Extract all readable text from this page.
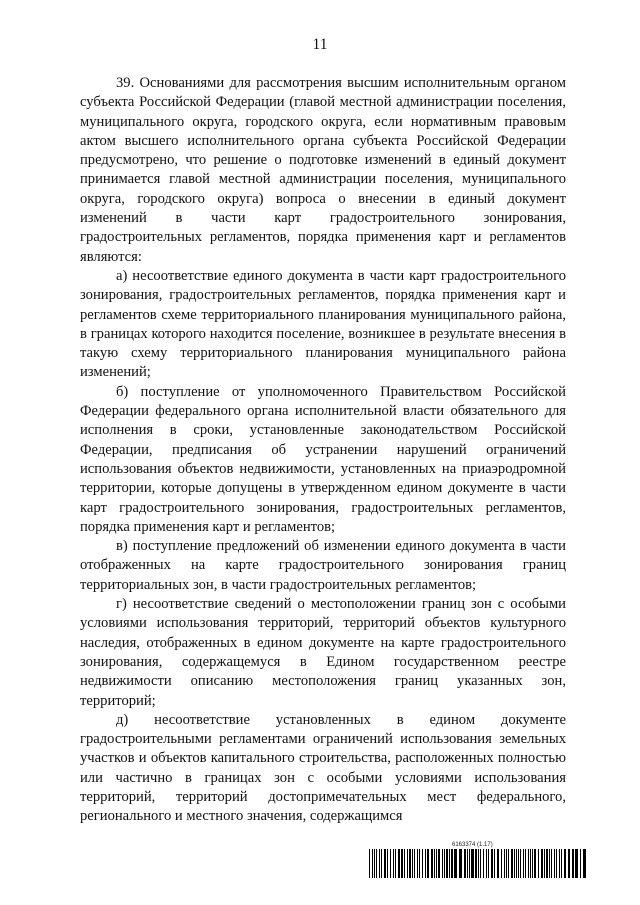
11

39. Основаниями для рассмотрения высшим исполнительным органом субъекта Российской Федерации (главой местной администрации поселения, муниципального округа, городского округа, если нормативным правовым актом высшего исполнительного органа субъекта Российской Федерации предусмотрено, что решение о подготовке изменений в единый документ принимается главой местной администрации поселения, муниципального округа, городского округа) вопроса о внесении в единый документ изменений в части карт градостроительного зонирования, градостроительных регламентов, порядка применения карт и регламентов являются:

а) несоответствие единого документа в части карт градостроительного зонирования, градостроительных регламентов, порядка применения карт и регламентов схеме территориального планирования муниципального района, в границах которого находится поселение, возникшее в результате внесения в такую схему территориального планирования муниципального района изменений;

б) поступление от уполномоченного Правительством Российской Федерации федерального органа исполнительной власти обязательного для исполнения в сроки, установленные законодательством Российской Федерации, предписания об устранении нарушений ограничений использования объектов недвижимости, установленных на приаэродромной территории, которые допущены в утвержденном едином документе в части карт градостроительного зонирования, градостроительных регламентов, порядка применения карт и регламентов;

в) поступление предложений об изменении единого документа в части отображенных на карте градостроительного зонирования границ территориальных зон, в части градостроительных регламентов;

г) несоответствие сведений о местоположении границ зон с особыми условиями использования территорий, территорий объектов культурного наследия, отображенных в едином документе на карте градостроительного зонирования, содержащемуся в Едином государственном реестре недвижимости описанию местоположения границ указанных зон, территорий;

д) несоответствие установленных в едином документе градостроительными регламентами ограничений использования земельных участков и объектов капитального строительства, расположенных полностью или частично в границах зон с особыми условиями использования территорий, территорий достопримечательных мест федерального, регионального и местного значения, содержащимся

6163374 (1.17)
